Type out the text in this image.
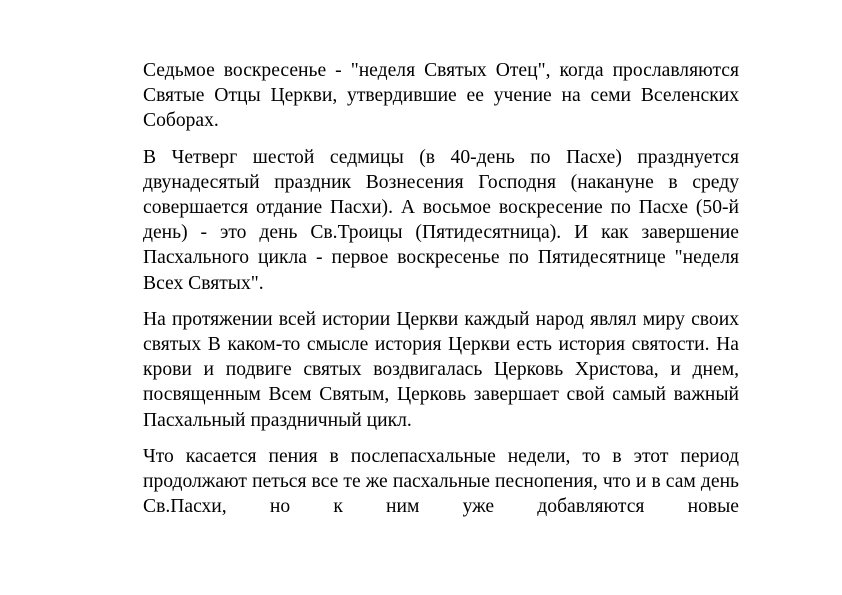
Седьмое воскресенье - "неделя Святых Отец", когда прославляются Святые Отцы Церкви, утвердившие ее учение на семи Вселенских Соборах.

В Четверг шестой седмицы (в 40-день по Пасхе) празднуется двунадесятый праздник Вознесения Господня (накануне в среду совершается отдание Пасхи). А восьмое воскресение по Пасхе (50-й день) - это день Св.Троицы (Пятидесятница). И как завершение Пасхального цикла - первое воскресенье по Пятидесятнице "неделя Всех Святых".

На протяжении всей истории Церкви каждый народ являл миру своих святых В каком-то смысле история Церкви есть история святости. На крови и подвиге святых воздвигалась Церковь Христова, и днем, посвященным Всем Святым, Церковь завершает свой самый важный Пасхальный праздничный цикл.

Что касается пения в послепасхальные недели, то в этот период продолжают петься все те же пасхальные песнопения, что и в сам день Св.Пасхи, но к ним уже добавляются новые
